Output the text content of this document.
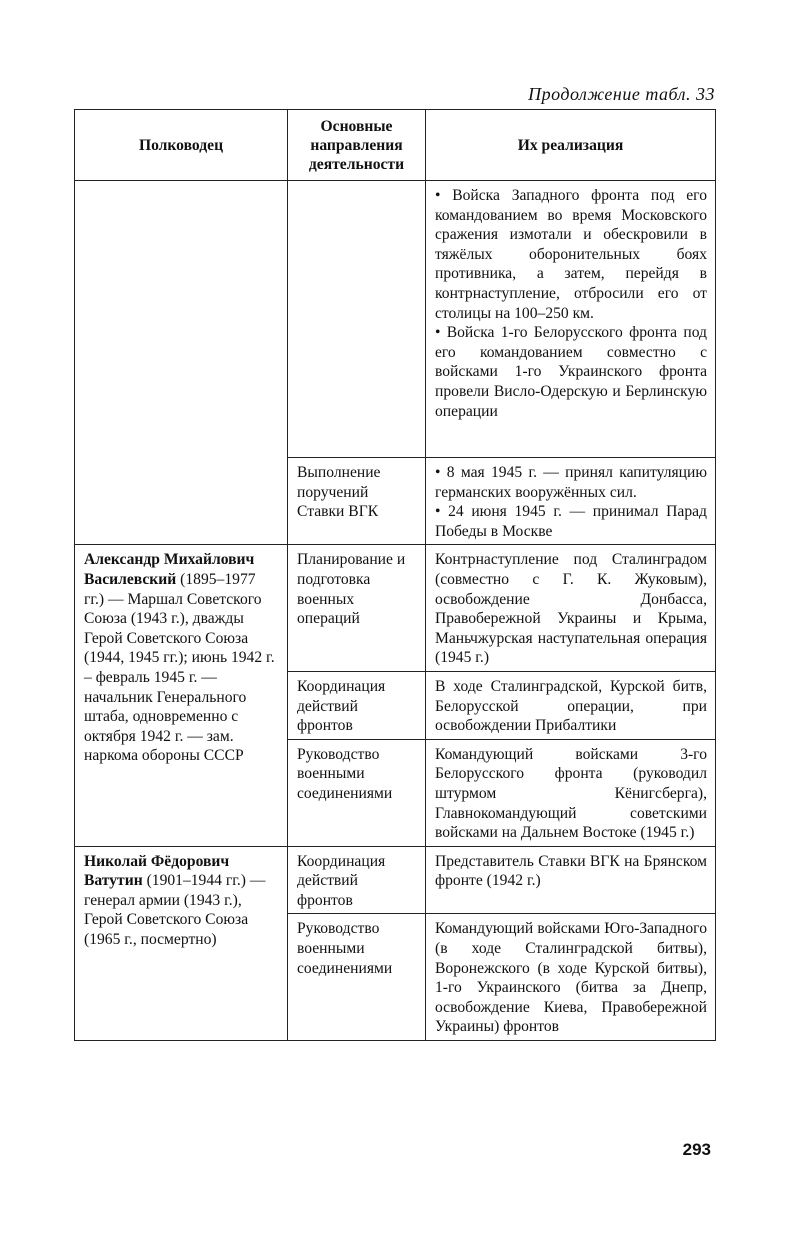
Продолжение табл. 33
Полководец	Основные
направления
деятельности	Их реализация
		• Войска Западного фронта под его командованием во время Московского сражения измотали и обескровили в тяжёлых оборонительных боях противника, а затем, перейдя в контрнаступление, отбросили его от столицы на 100–250 км.
• Войска 1-го Белорусского фронта под его командованием совместно с войсками 1-го Украинского фронта провели Висло-Одерскую и Берлинскую операции
	Выполнение поручений Ставки ВГК	• 8 мая 1945 г. — принял капитуляцию германских вооружённых сил.
• 24 июня 1945 г. — принимал Парад Победы в Москве
Александр Михайлович Василевский (1895–1977 гг.) — Маршал Советского Союза (1943 г.), дважды Герой Советского Союза (1944, 1945 гг.); июнь 1942 г. – февраль 1945 г. — начальник Генерального штаба, одновременно с октября 1942 г. — зам. наркома обороны СССР	Планирование и подготовка военных операций	Контрнаступление под Сталинградом (совместно с Г. К. Жуковым), освобождение Донбасса, Правобережной Украины и Крыма, Маньчжурская наступательная операция (1945 г.)
	Координация действий фронтов	В ходе Сталинградской, Курской битв, Белорусской операции, при освобождении Прибалтики
	Руководство военными соединениями	Командующий войсками 3-го Белорусского фронта (руководил штурмом Кёнигсберга), Главнокомандующий советскими войсками на Дальнем Востоке (1945 г.)
Николай Фёдорович Ватутин (1901–1944 гг.) — генерал армии (1943 г.), Герой Советского Союза (1965 г., посмертно)	Координация действий фронтов	Представитель Ставки ВГК на Брянском фронте (1942 г.)
	Руководство военными соединениями	Командующий войсками Юго-Западного (в ходе Сталинградской битвы), Воронежского (в ходе Курской битвы), 1-го Украинского (битва за Днепр, освобождение Киева, Правобережной Украины) фронтов
293
